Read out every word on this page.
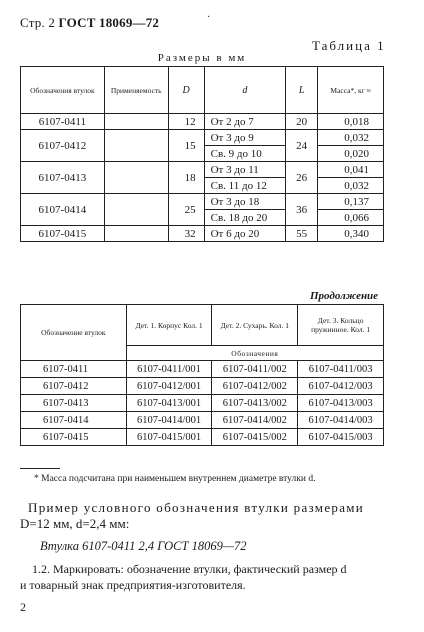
Стр. 2 ГОСТ 18069—72	·
Таблица 1
Размеры в мм
Обозначения втулок	Применяемость	D	d	L	Масса*, кг ≈
6107-0411		12	От 2 до 7	20	0,018
6107-0412		15	От 3 до 9	24	0,032
			Св. 9 до 10		0,020
6107-0413		18	От 3 до 11	26	0,041
			Св. 11 до 12		0,032
6107-0414		25	От 3 до 18	36	0,137
			Св. 18 до 20		0,066
6107-0415		32	От 6 до 20	55	0,340
Продолжение
Обозначение втулок	Дет. 1. Корпус Кол. 1	Дет. 2. Сухарь. Кол. 1	Дет. 3. Кольцо пружинное. Кол. 1
	Обозначения		
6107-0411	6107-0411/001	6107-0411/002	6107-0411/003
6107-0412	6107-0412/001	6107-0412/002	6107-0412/003
6107-0413	6107-0413/001	6107-0413/002	6107-0413/003
6107-0414	6107-0414/001	6107-0414/002	6107-0414/003
6107-0415	6107-0415/001	6107-0415/002	6107-0415/003
* Масса подсчитана при наименьшем внутреннем диаметре втулки d.
Пример условного обозначения втулки размерами
D=12 мм, d=2,4 мм:
Втулка 6107-0411 2,4 ГОСТ 18069—72
1.2. Маркировать: обозначение втулки, фактический размер d
и товарный знак предприятия-изготовителя.
2
